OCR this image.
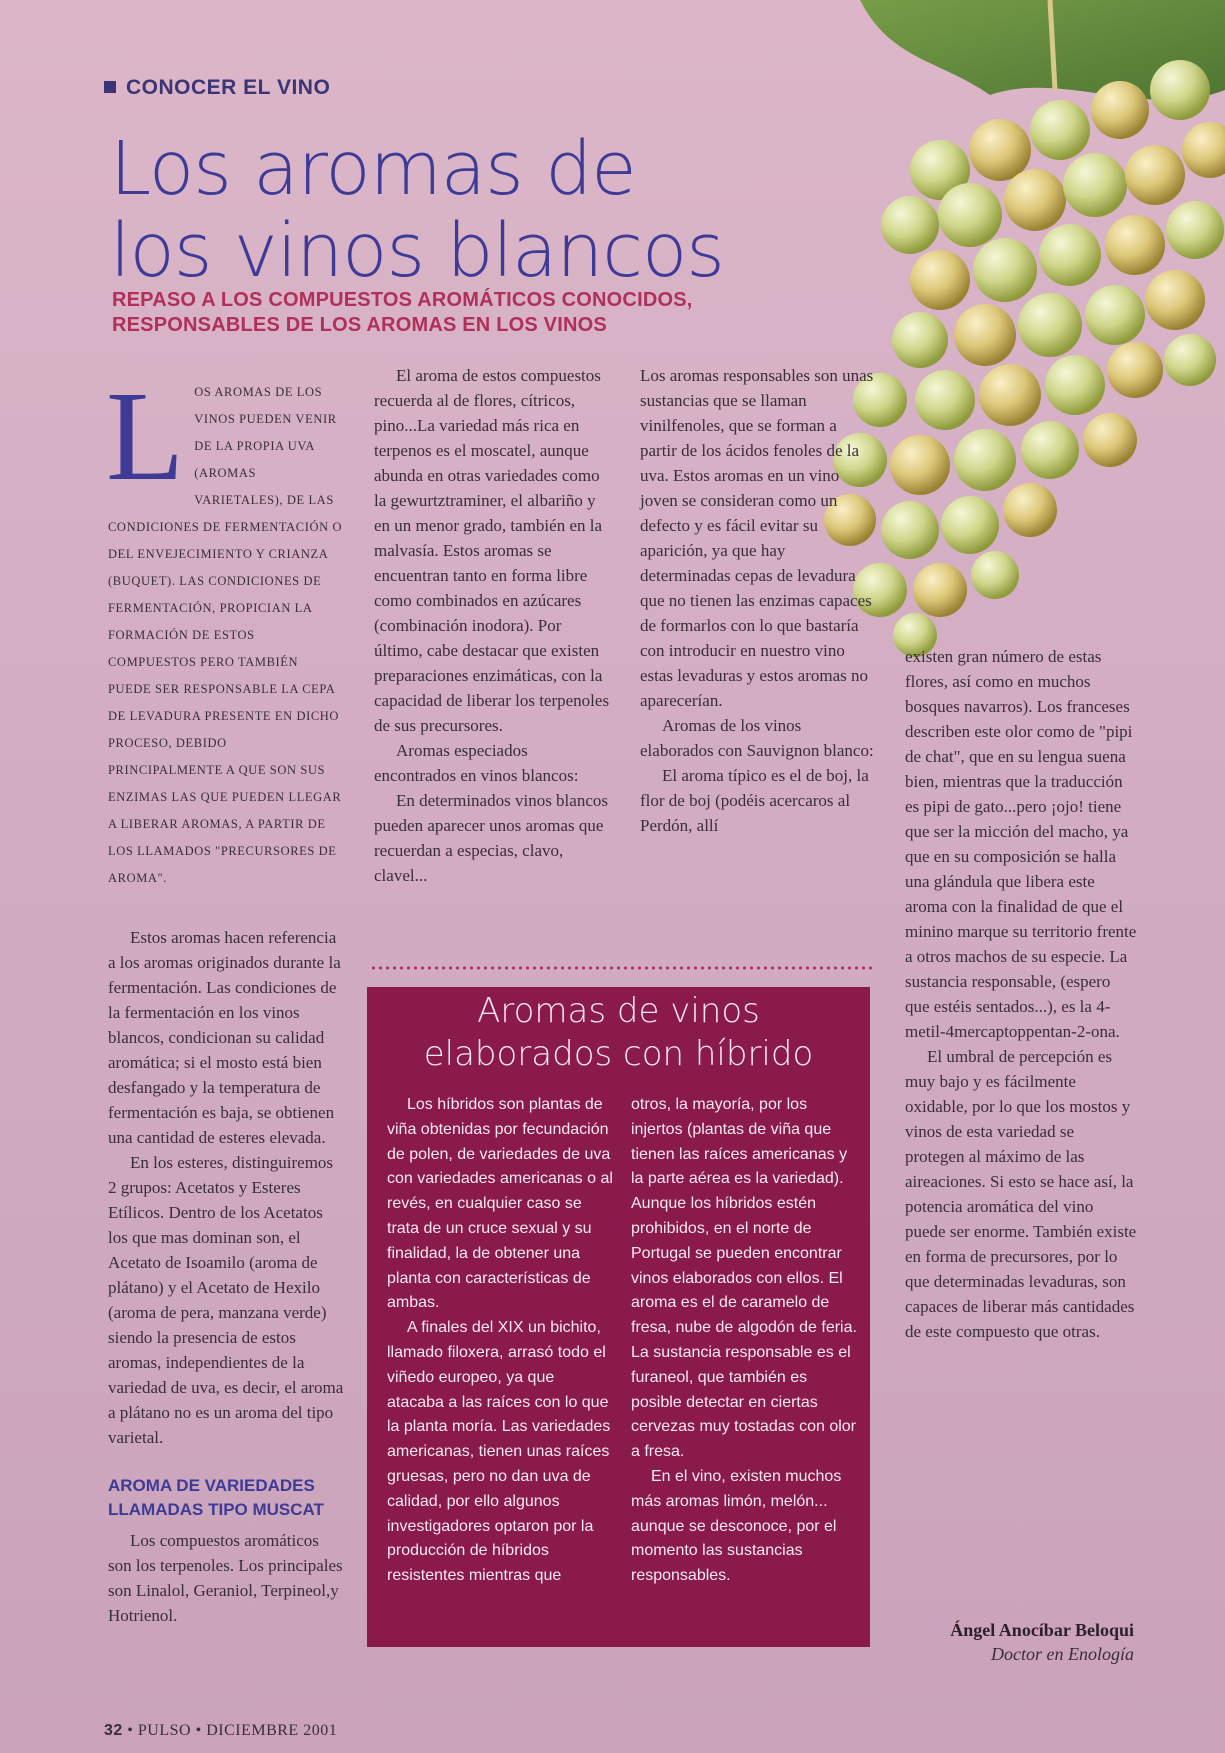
CONOCER EL VINO
Los aromas de
los vinos blancos
REPASO A LOS COMPUESTOS AROMÁTICOS CONOCIDOS,
RESPONSABLES DE LOS AROMAS EN LOS VINOS
L OS AROMAS DE LOS VINOS PUEDEN VENIR DE LA PROPIA UVA (AROMAS VARIETALES), DE LAS CONDICIONES DE FERMENTACIÓN O DEL ENVEJECIMIENTO Y CRIANZA (BUQUET). LAS CONDICIONES DE FERMENTACIÓN, PROPICIAN LA FORMACIÓN DE ESTOS COMPUESTOS PERO TAMBIÉN PUEDE SER RESPONSABLE LA CEPA DE LEVADURA PRESENTE EN DICHO PROCESO, DEBIDO PRINCIPALMENTE A QUE SON SUS ENZIMAS LAS QUE PUEDEN LLEGAR A LIBERAR AROMAS, A PARTIR DE LOS LLAMADOS "PRECURSORES DE AROMA".

Estos aromas hacen referencia a los aromas originados durante la fermentación. Las condiciones de la fermentación en los vinos blancos, condicionan su calidad aromática; si el mosto está bien desfangado y la temperatura de fermentación es baja, se obtienen una cantidad de esteres elevada.

En los esteres, distinguiremos 2 grupos: Acetatos y Esteres Etílicos. Dentro de los Acetatos los que mas dominan son, el Acetato de Isoamilo (aroma de plátano) y el Acetato de Hexilo (aroma de pera, manzana verde) siendo la presencia de estos aromas, independientes de la variedad de uva, es decir, el aroma a plátano no es un aroma del tipo varietal.

AROMA DE VARIEDADES LLAMADAS TIPO MUSCAT

Los compuestos aromáticos son los terpenoles. Los principales son Linalol, Geraniol, Terpineol,y Hotrienol.

El aroma de estos compuestos recuerda al de flores, cítricos, pino...La variedad más rica en terpenos es el moscatel, aunque abunda en otras variedades como la gewurtztraminer, el albariño y en un menor grado, también en la malvasía. Estos aromas se encuentran tanto en forma libre como combinados en azúcares (combinación inodora). Por último, cabe destacar que existen preparaciones enzimáticas, con la capacidad de liberar los terpenoles de sus precursores.

Aromas especiados encontrados en vinos blancos:

En determinados vinos blancos pueden aparecer unos aromas que recuerdan a especias, clavo, clavel...

Los aromas responsables son unas sustancias que se llaman vinilfenoles, que se forman a partir de los ácidos fenoles de la uva. Estos aromas en un vino joven se consideran como un defecto y es fácil evitar su aparición, ya que hay determinadas cepas de levadura que no tienen las enzimas capaces de formarlos con lo que bastaría con introducir en nuestro vino estas levaduras y estos aromas no aparecerían.

Aromas de los vinos elaborados con Sauvignon blanco:

El aroma típico es el de boj, la flor de boj (podéis acercaros al Perdón, allí

existen gran número de estas flores, así como en muchos bosques navarros). Los franceses describen este olor como de "pipi de chat", que en su lengua suena bien, mientras que la traducción es pipi de gato...pero ¡ojo! tiene que ser la micción del macho, ya que en su composición se halla una glándula que libera este aroma con la finalidad de que el minino marque su territorio frente a otros machos de su especie. La sustancia responsable, (espero que estéis sentados...), es la 4-metil-4mercaptoppentan-2-ona.

El umbral de percepción es muy bajo y es fácilmente oxidable, por lo que los mostos y vinos de esta variedad se protegen al máximo de las aireaciones. Si esto se hace así, la potencia aromática del vino puede ser enorme. También existe en forma de precursores, por lo que determinadas levaduras, son capaces de liberar más cantidades de este compuesto que otras.

Aromas de vinos
elaborados con híbrido

Los híbridos son plantas de viña obtenidas por fecundación de polen, de variedades de uva con variedades americanas o al revés, en cualquier caso se trata de un cruce sexual y su finalidad, la de obtener una planta con características de ambas.

A finales del XIX un bichito, llamado filoxera, arrasó todo el viñedo europeo, ya que atacaba a las raíces con lo que la planta moría. Las variedades americanas, tienen unas raíces gruesas, pero no dan uva de calidad, por ello algunos investigadores optaron por la producción de híbridos resistentes mientras que

otros, la mayoría, por los injertos (plantas de viña que tienen las raíces americanas y la parte aérea es la variedad). Aunque los híbridos estén prohibidos, en el norte de Portugal se pueden encontrar vinos elaborados con ellos. El aroma es el de caramelo de fresa, nube de algodón de feria. La sustancia responsable es el furaneol, que también es posible detectar en ciertas cervezas muy tostadas con olor a fresa.

En el vino, existen muchos más aromas limón, melón... aunque se desconoce, por el momento las sustancias responsables.

Ángel Anocíbar Beloqui
Doctor en Enología
32 • PULSO • DICIEMBRE 2001
